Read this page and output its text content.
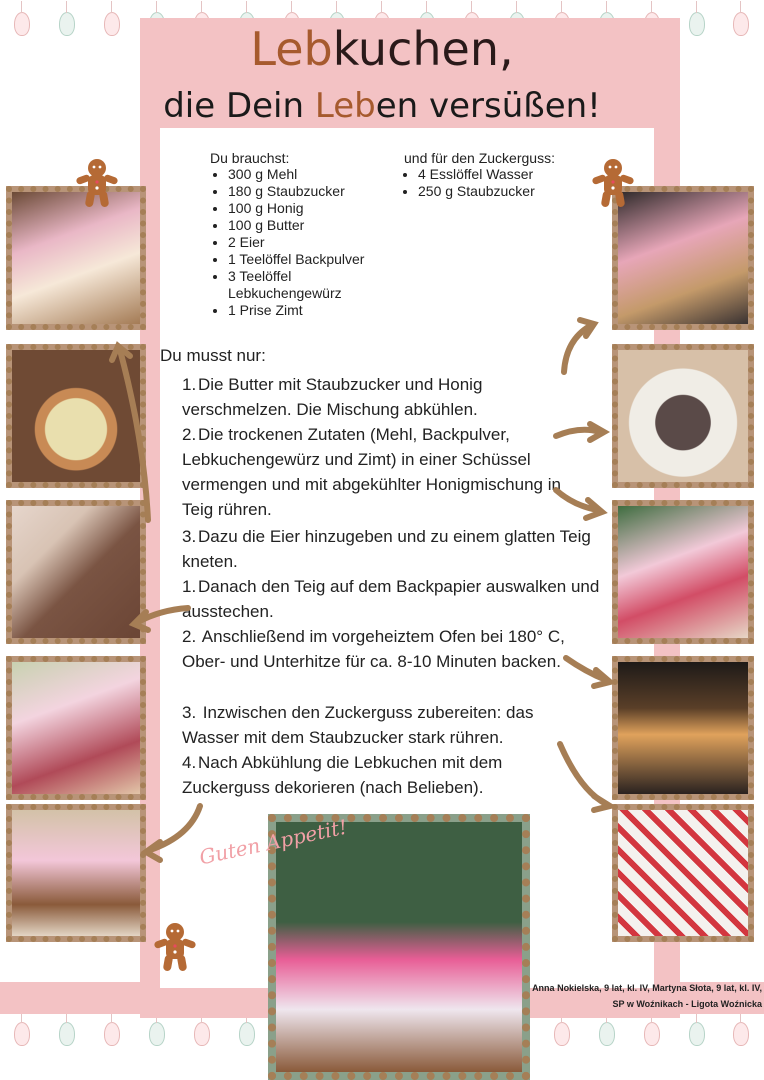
Lebkuchen,
die Dein Leben versüßen!
Du brauchst:
• 300 g Mehl
• 180 g Staubzucker
• 100 g Honig
• 100 g Butter
• 2 Eier
• 1 Teelöffel Backpulver
• 3 Teelöffel Lebkuchengewürz
• 1 Prise Zimt
und für den Zuckerguss:
• 4 Esslöffel Wasser
• 250 g Staubzucker
Du musst nur:
1. Die Butter mit Staubzucker und Honig verschmelzen. Die Mischung abkühlen.
2. Die trockenen Zutaten (Mehl, Backpulver, Lebkuchengewürz und Zimt) in einer Schüssel vermengen und mit abgekühlter Honigmischung in Teig rühren.
3. Dazu die Eier hinzugeben und zu einem glatten Teig kneten.
1. Danach den Teig auf dem Backpapier auswalken und ausstechen.
2. Anschließend im vorgeheiztem Ofen bei 180° C, Ober- und Unterhitze für ca. 8-10 Minuten backen.
3. Inzwischen den Zuckerguss zubereiten: das Wasser mit dem Staubzucker stark rühren.
4. Nach Abkühlung die Lebkuchen mit dem Zuckerguss dekorieren (nach Belieben).
Guten Appetit!
Anna Nokielska, 9 lat, kl. IV, Martyna Słota, 9 lat, kl. IV, SP w Woźnikach - Ligota Woźnicka
